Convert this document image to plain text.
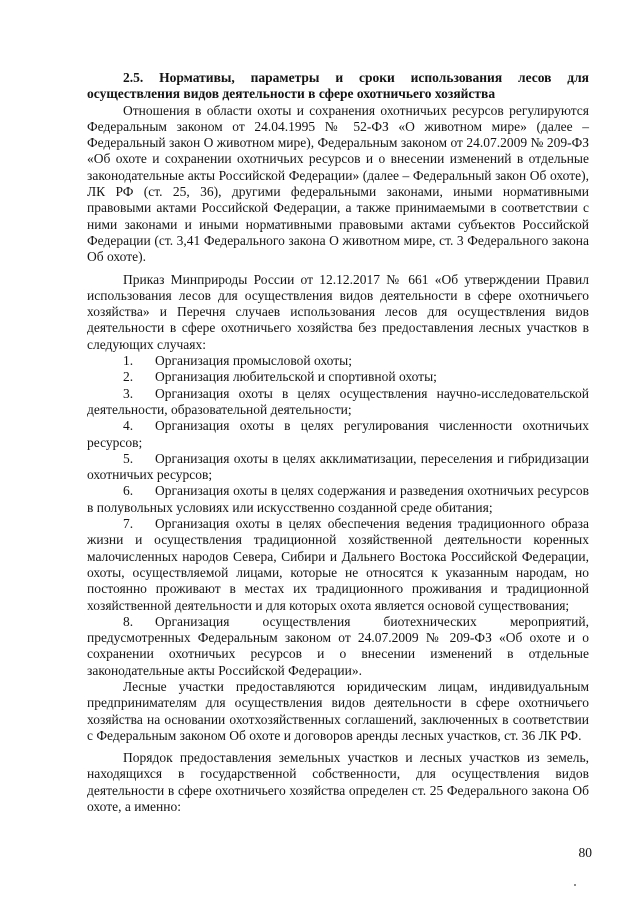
2.5. Нормативы, параметры и сроки использования лесов для осуществления видов деятельности в сфере охотничьего хозяйства

Отношения в области охоты и сохранения охотничьих ресурсов регулируются Федеральным законом от 24.04.1995 № 52-ФЗ «О животном мире» (далее – Федеральный закон О животном мире), Федеральным законом от 24.07.2009 № 209-ФЗ «Об охоте и сохранении охотничьих ресурсов и о внесении изменений в отдельные законодательные акты Российской Федерации» (далее – Федеральный закон Об охоте), ЛК РФ (ст. 25, 36), другими федеральными законами, иными нормативными правовыми актами Российской Федерации, а также принимаемыми в соответствии с ними законами и иными нормативными правовыми актами субъектов Российской Федерации (ст. 3,41 Федерального закона О животном мире, ст. 3 Федерального закона Об охоте).

Приказ Минприроды России от 12.12.2017 № 661 «Об утверждении Правил использования лесов для осуществления видов деятельности в сфере охотничьего хозяйства» и Перечня случаев использования лесов для осуществления видов деятельности в сфере охотничьего хозяйства без предоставления лесных участков в следующих случаях:

1. Организация промысловой охоты;

2. Организация любительской и спортивной охоты;

3. Организация охоты в целях осуществления научно-исследовательской деятельности, образовательной деятельности;

4. Организация охоты в целях регулирования численности охотничьих ресурсов;

5. Организация охоты в целях акклиматизации, переселения и гибридизации охотничьих ресурсов;

6. Организация охоты в целях содержания и разведения охотничьих ресурсов в полувольных условиях или искусственно созданной среде обитания;

7. Организация охоты в целях обеспечения ведения традиционного образа жизни и осуществления традиционной хозяйственной деятельности коренных малочисленных народов Севера, Сибири и Дальнего Востока Российской Федерации, охоты, осуществляемой лицами, которые не относятся к указанным народам, но постоянно проживают в местах их традиционного проживания и традиционной хозяйственной деятельности и для которых охота является основой существования;

8. Организация осуществления биотехнических мероприятий, предусмотренных Федеральным законом от 24.07.2009 № 209-ФЗ «Об охоте и о сохранении охотничьих ресурсов и о внесении изменений в отдельные законодательные акты Российской Федерации».

Лесные участки предоставляются юридическим лицам, индивидуальным предпринимателям для осуществления видов деятельности в сфере охотничьего хозяйства на основании охотхозяйственных соглашений, заключенных в соответствии с Федеральным законом Об охоте и договоров аренды лесных участков, ст. 36 ЛК РФ.

Порядок предоставления земельных участков и лесных участков из земель, находящихся в государственной собственности, для осуществления видов деятельности в сфере охотничьего хозяйства определен ст. 25 Федерального закона Об охоте, а именно:

80
